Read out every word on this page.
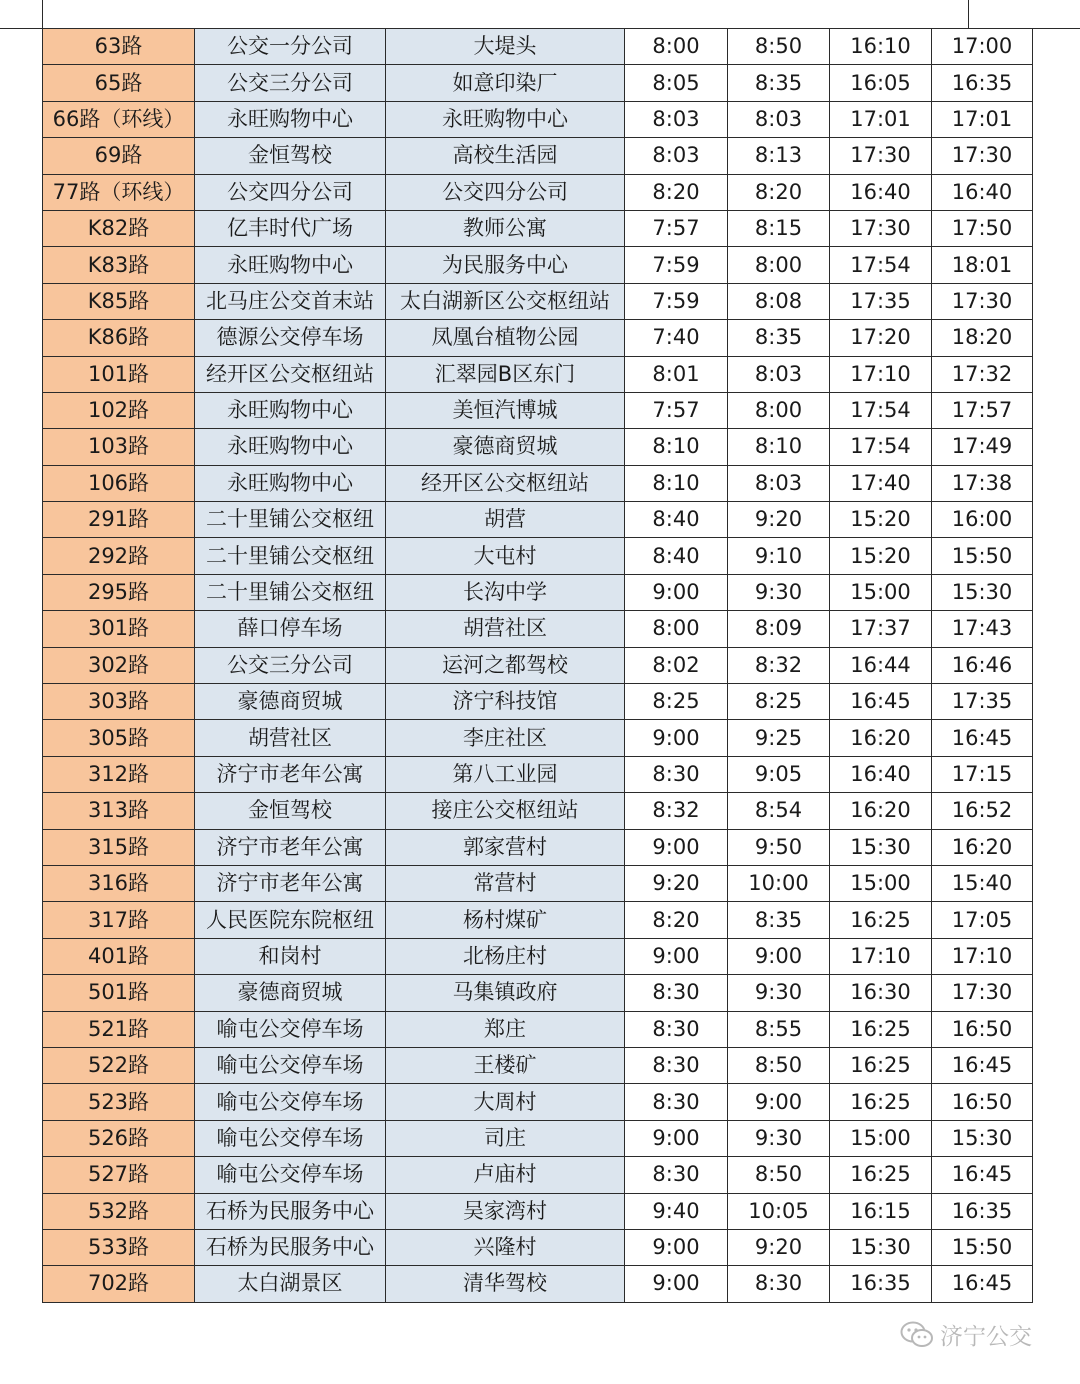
63路	公交一分公司	大堤头	8:00	8:50	16:10	17:00
65路	公交三分公司	如意印染厂	8:05	8:35	16:05	16:35
66路（环线）	永旺购物中心	永旺购物中心	8:03	8:03	17:01	17:01
69路	金恒驾校	高校生活园	8:03	8:13	17:30	17:30
77路（环线）	公交四分公司	公交四分公司	8:20	8:20	16:40	16:40
K82路	亿丰时代广场	教师公寓	7:57	8:15	17:30	17:50
K83路	永旺购物中心	为民服务中心	7:59	8:00	17:54	18:01
K85路	北马庄公交首末站	太白湖新区公交枢纽站	7:59	8:08	17:35	17:30
K86路	德源公交停车场	凤凰台植物公园	7:40	8:35	17:20	18:20
101路	经开区公交枢纽站	汇翠园B区东门	8:01	8:03	17:10	17:32
102路	永旺购物中心	美恒汽博城	7:57	8:00	17:54	17:57
103路	永旺购物中心	豪德商贸城	8:10	8:10	17:54	17:49
106路	永旺购物中心	经开区公交枢纽站	8:10	8:03	17:40	17:38
291路	二十里铺公交枢纽	胡营	8:40	9:20	15:20	16:00
292路	二十里铺公交枢纽	大屯村	8:40	9:10	15:20	15:50
295路	二十里铺公交枢纽	长沟中学	9:00	9:30	15:00	15:30
301路	薛口停车场	胡营社区	8:00	8:09	17:37	17:43
302路	公交三分公司	运河之都驾校	8:02	8:32	16:44	16:46
303路	豪德商贸城	济宁科技馆	8:25	8:25	16:45	17:35
305路	胡营社区	李庄社区	9:00	9:25	16:20	16:45
312路	济宁市老年公寓	第八工业园	8:30	9:05	16:40	17:15
313路	金恒驾校	接庄公交枢纽站	8:32	8:54	16:20	16:52
315路	济宁市老年公寓	郭家营村	9:00	9:50	15:30	16:20
316路	济宁市老年公寓	常营村	9:20	10:00	15:00	15:40
317路	人民医院东院枢纽	杨村煤矿	8:20	8:35	16:25	17:05
401路	和岗村	北杨庄村	9:00	9:00	17:10	17:10
501路	豪德商贸城	马集镇政府	8:30	9:30	16:30	17:30
521路	喻屯公交停车场	郑庄	8:30	8:55	16:25	16:50
522路	喻屯公交停车场	王楼矿	8:30	8:50	16:25	16:45
523路	喻屯公交停车场	大周村	8:30	9:00	16:25	16:50
526路	喻屯公交停车场	司庄	9:00	9:30	15:00	15:30
527路	喻屯公交停车场	卢庙村	8:30	8:50	16:25	16:45
532路	石桥为民服务中心	吴家湾村	9:40	10:05	16:15	16:35
533路	石桥为民服务中心	兴隆村	9:00	9:20	15:30	15:50
702路	太白湖景区	清华驾校	9:00	8:30	16:35	16:45
济宁公交
